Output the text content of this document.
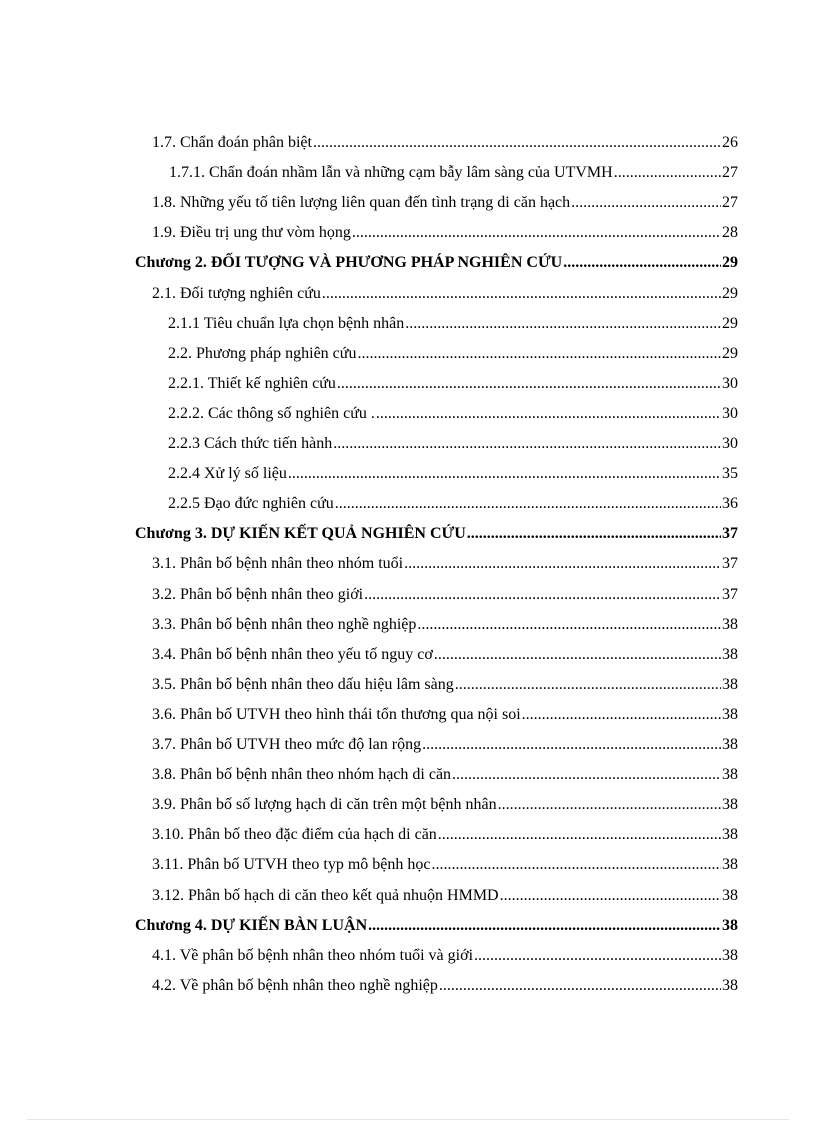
1.7. Chẩn đoán phân biệt .....	26
1.7.1. Chẩn đoán nhầm lẫn và những cạm bẫy lâm sàng của UTVMH .....	27
1.8. Những yếu tố tiên lượng liên quan đến tình trạng di căn hạch .....	27
1.9. Điều trị ung thư vòm họng .....	28
Chương 2. ĐỐI TƯỢNG VÀ PHƯƠNG PHÁP NGHIÊN CỨU .....	29
2.1. Đối tượng nghiên cứu .....	29
2.1.1 Tiêu chuẩn lựa chọn bệnh nhân .....	29
2.2. Phương pháp nghiên cứu .....	29
2.2.1. Thiết kế nghiên cứu .....	30
2.2.2. Các thông số nghiên cứu . .....	30
2.2.3 Cách thức tiến hành .....	30
2.2.4 Xử lý số liệu .....	35
2.2.5 Đạo đức nghiên cứu .....	36
Chương 3. DỰ KIẾN KẾT QUẢ NGHIÊN CỨU .....	37
3.1. Phân bố bệnh nhân theo nhóm tuổi .....	37
3.2. Phân bố bệnh nhân theo giới .....	37
3.3. Phân bố bệnh nhân theo nghề nghiệp .....	38
3.4. Phân bố bệnh nhân theo yếu tố nguy cơ .....	38
3.5. Phân bố bệnh nhân theo dấu hiệu lâm sàng .....	38
3.6. Phân bố UTVH theo hình thái tổn thương qua nội soi .....	38
3.7. Phân bố UTVH theo mức độ lan rộng .....	38
3.8. Phân bố bệnh nhân theo nhóm hạch di căn .....	38
3.9. Phân bố số lượng hạch di căn trên một bệnh nhân .....	38
3.10. Phân bố theo đặc điểm của hạch di căn .....	38
3.11. Phân bố UTVH theo typ mô bệnh học .....	38
3.12. Phân bố hạch di căn theo kết quả nhuộn HMMD .....	38
Chương 4. DỰ KIẾN BÀN LUẬN .....	38
4.1. Về phân bố bệnh nhân theo nhóm tuổi và giới .....	38
4.2. Về phân bố bệnh nhân theo nghề nghiệp .....	38
